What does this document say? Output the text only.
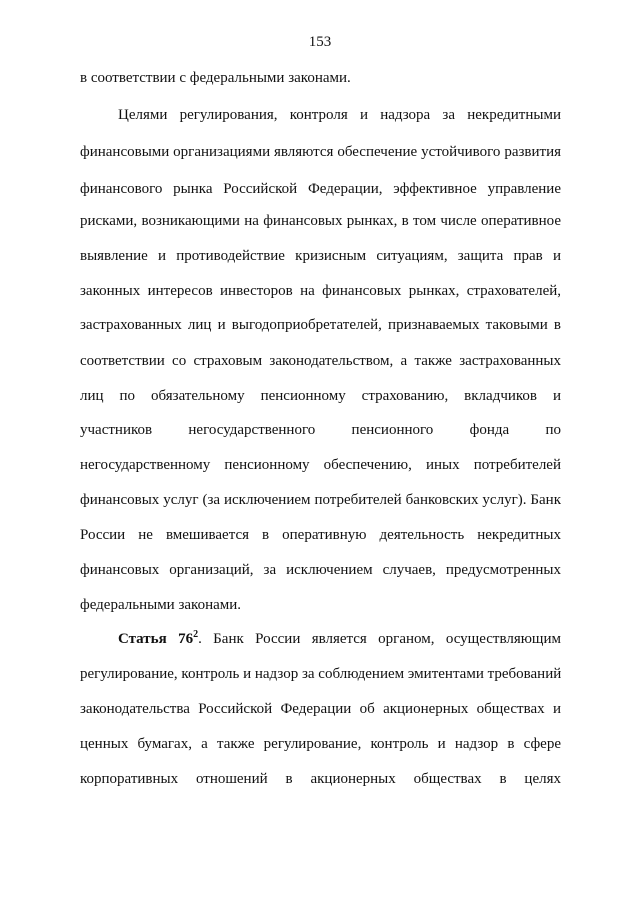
153
в соответствии с федеральными законами.
Целями регулирования, контроля и надзора за некредитными
финансовыми организациями являются обеспечение устойчивого развития
финансового рынка Российской Федерации, эффективное управление
рисками, возникающими на финансовых рынках, в том числе оперативное
выявление и противодействие кризисным ситуациям, защита прав и
законных интересов инвесторов на финансовых рынках, страхователей,
застрахованных лиц и выгодоприобретателей, признаваемых таковыми в
соответствии со страховым законодательством, а также застрахованных
лиц по обязательному пенсионному страхованию, вкладчиков и
участников негосударственного пенсионного фонда по
негосударственному пенсионному обеспечению, иных потребителей
финансовых услуг (за исключением потребителей банковских услуг). Банк
России не вмешивается в оперативную деятельность некредитных
финансовых организаций, за исключением случаев, предусмотренных
федеральными законами.
Статья $76^2$. Банк России является органом, осуществляющим
регулирование, контроль и надзор за соблюдением эмитентами требований
законодательства Российской Федерации об акционерных обществах и
ценных бумагах, а также регулирование, контроль и надзор в сфере
корпоративных отношений в акционерных обществах в целях
